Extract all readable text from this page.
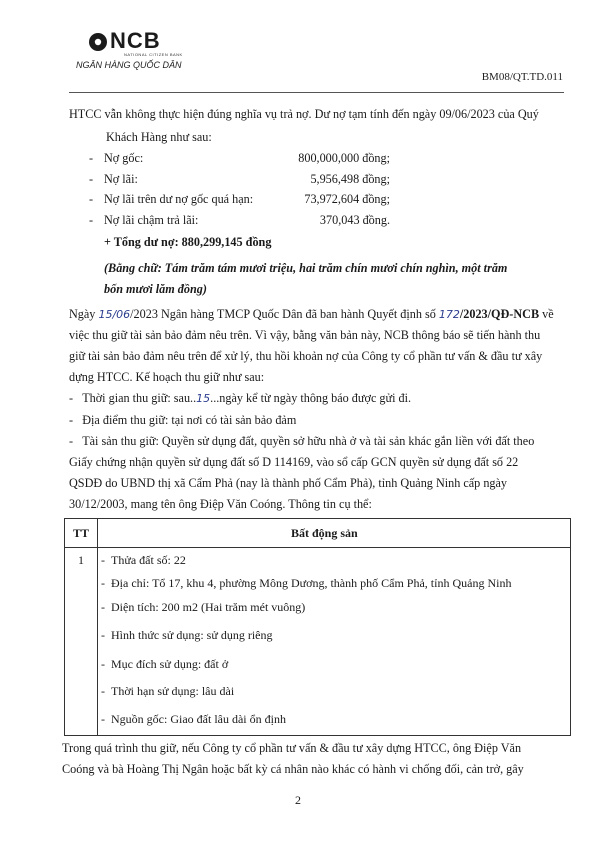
NCB
NATIONAL CITIZEN BANK
NGÂN HÀNG QUỐC DÂN
BM08/QT.TD.011

HTCC vẫn không thực hiện đúng nghĩa vụ trả nợ. Dư nợ tạm tính đến ngày 09/06/2023 của Quý

Khách Hàng như sau:

- Nợ gốc:	800,000,000 đồng;
- Nợ lãi:	5,956,498 đồng;
- Nợ lãi trên dư nợ gốc quá hạn:	73,972,604 đồng;
- Nợ lãi chậm trả lãi:	370,043 đồng.

+ Tổng dư nợ: 880,299,145 đồng

(Bằng chữ: Tám trăm tám mươi triệu, hai trăm chín mươi chín nghìn, một trăm

bốn mươi lăm đồng)

Ngày 15/06/2023 Ngân hàng TMCP Quốc Dân đã ban hành Quyết định số 172/2023/QĐ-NCB về

việc thu giữ tài sản bảo đảm nêu trên. Vì vậy, bằng văn bản này, NCB thông báo sẽ tiến hành thu

giữ tài sản bảo đảm nêu trên để xử lý, thu hồi khoản nợ của Công ty cổ phần tư vấn & đầu tư xây

dựng HTCC. Kế hoạch thu giữ như sau:

-   Thời gian thu giữ: sau..15...ngày kể từ ngày thông báo được gửi đi.

-   Địa điểm thu giữ: tại nơi có tài sản bảo đảm

-   Tài sản thu giữ: Quyền sử dụng đất, quyền sở hữu nhà ở và tài sản khác gắn liền với đất theo

Giấy chứng nhận quyền sử dụng đất số D 114169, vào sổ cấp GCN quyền sử dụng đất số 22

QSDĐ do UBND thị xã Cẩm Phả (nay là thành phố Cẩm Phả), tỉnh Quảng Ninh cấp ngày

30/12/2003, mang tên ông Điệp Văn Coóng. Thông tin cụ thể:

TT	Bất động sản
1 -  Thửa đất số: 22
-  Địa chỉ: Tổ 17, khu 4, phường Mông Dương, thành phố Cẩm Phả, tỉnh Quảng Ninh
-  Diện tích: 200 m2 (Hai trăm mét vuông)
-  Hình thức sử dụng: sử dụng riêng
-  Mục đích sử dụng: đất ở
-  Thời hạn sử dụng: lâu dài
-  Nguồn gốc: Giao đất lâu dài ổn định

Trong quá trình thu giữ, nếu Công ty cổ phần tư vấn & đầu tư xây dựng HTCC, ông Điệp Văn

Coóng và bà Hoàng Thị Ngân hoặc bất kỳ cá nhân nào khác có hành vi chống đối, cản trở, gây

2
